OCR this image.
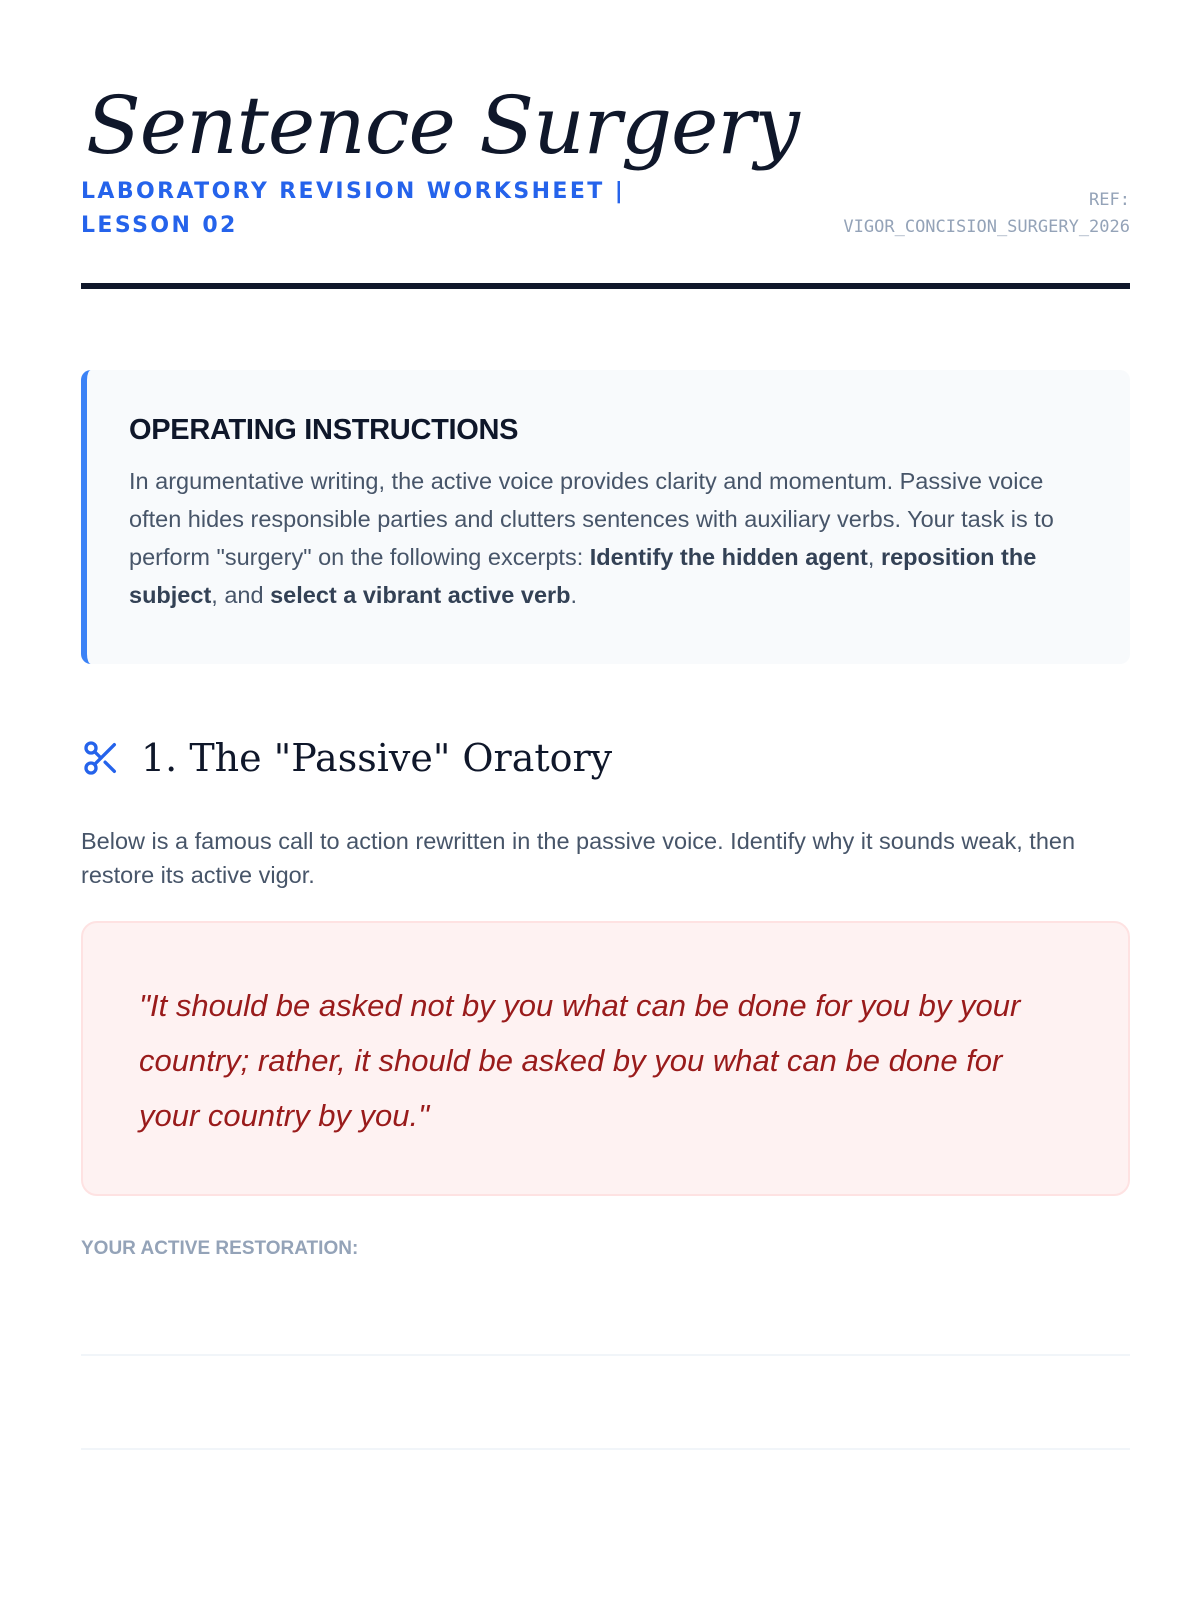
Sentence Surgery
LABORATORY REVISION WORKSHEET | LESSON 02
REF:
VIGOR_CONCISION_SURGERY_2026
OPERATING INSTRUCTIONS

In argumentative writing, the active voice provides clarity and momentum. Passive voice often hides responsible parties and clutters sentences with auxiliary verbs. Your task is to perform "surgery" on the following excerpts: Identify the hidden agent, reposition the subject, and select a vibrant active verb.

1. The "Passive" Oratory

Below is a famous call to action rewritten in the passive voice. Identify why it sounds weak, then restore its active vigor.

"It should be asked not by you what can be done for you by your country; rather, it should be asked by you what can be done for your country by you."

YOUR ACTIVE RESTORATION:
